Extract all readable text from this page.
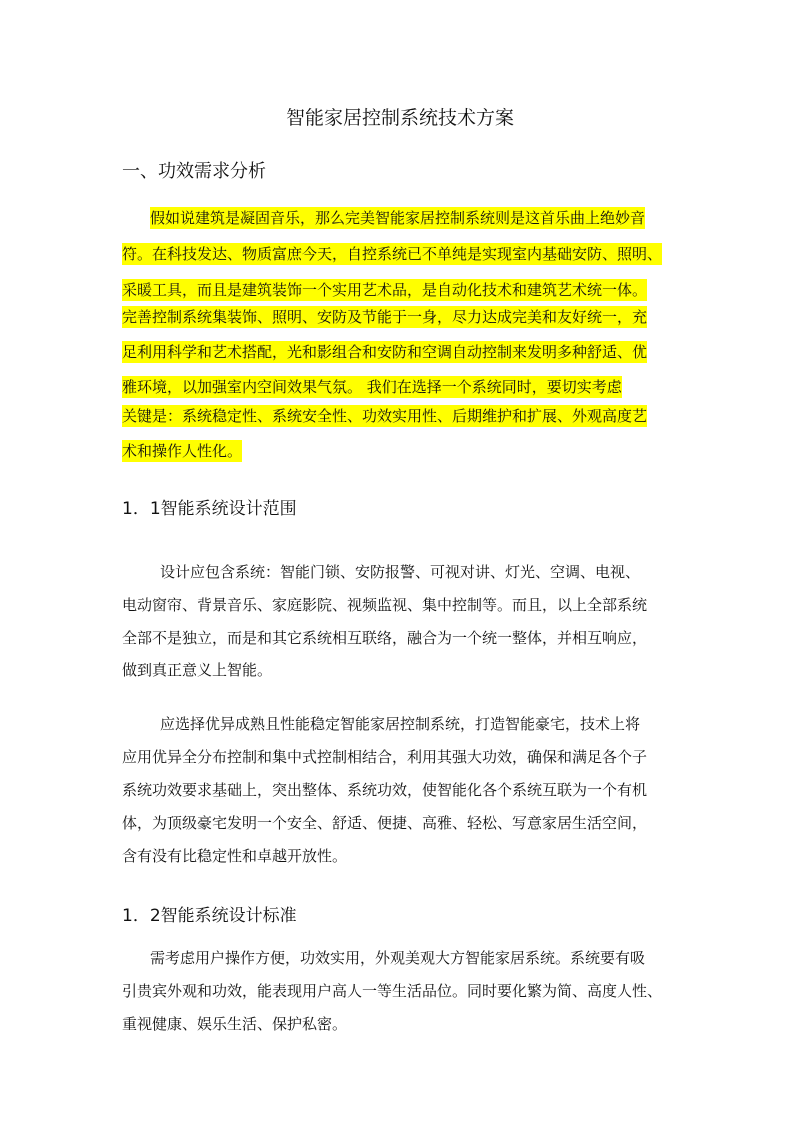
智能家居控制系统技术方案
一、功效需求分析
假如说建筑是凝固音乐，那么完美智能家居控制系统则是这首乐曲上绝妙音
符。在科技发达、物质富庶今天，自控系统已不单纯是实现室内基础安防、照明、
采暖工具，而且是建筑装饰一个实用艺术品，是自动化技术和建筑艺术统一体。
完善控制系统集装饰、照明、安防及节能于一身，尽力达成完美和友好统一，充
足利用科学和艺术搭配，光和影组合和安防和空调自动控制来发明多种舒适、优
雅环境，以加强室内空间效果气氛。 我们在选择一个系统同时，要切实考虑
关键是：系统稳定性、系统安全性、功效实用性、后期维护和扩展、外观高度艺
术和操作人性化。
1．1智能系统设计范围
设计应包含系统：智能门锁、安防报警、可视对讲、灯光、空调、电视、
电动窗帘、背景音乐、家庭影院、视频监视、集中控制等。而且，以上全部系统
全部不是独立，而是和其它系统相互联络，融合为一个统一整体，并相互响应，
做到真正意义上智能。
应选择优异成熟且性能稳定智能家居控制系统，打造智能豪宅，技术上将
应用优异全分布控制和集中式控制相结合，利用其强大功效，确保和满足各个子
系统功效要求基础上，突出整体、系统功效，使智能化各个系统互联为一个有机
体，为顶级豪宅发明一个安全、舒适、便捷、高雅、轻松、写意家居生活空间，
含有没有比稳定性和卓越开放性。
1．2智能系统设计标准
需考虑用户操作方便，功效实用，外观美观大方智能家居系统。系统要有吸
引贵宾外观和功效，能表现用户高人一等生活品位。同时要化繁为简、高度人性、
重视健康、娱乐生活、保护私密。
